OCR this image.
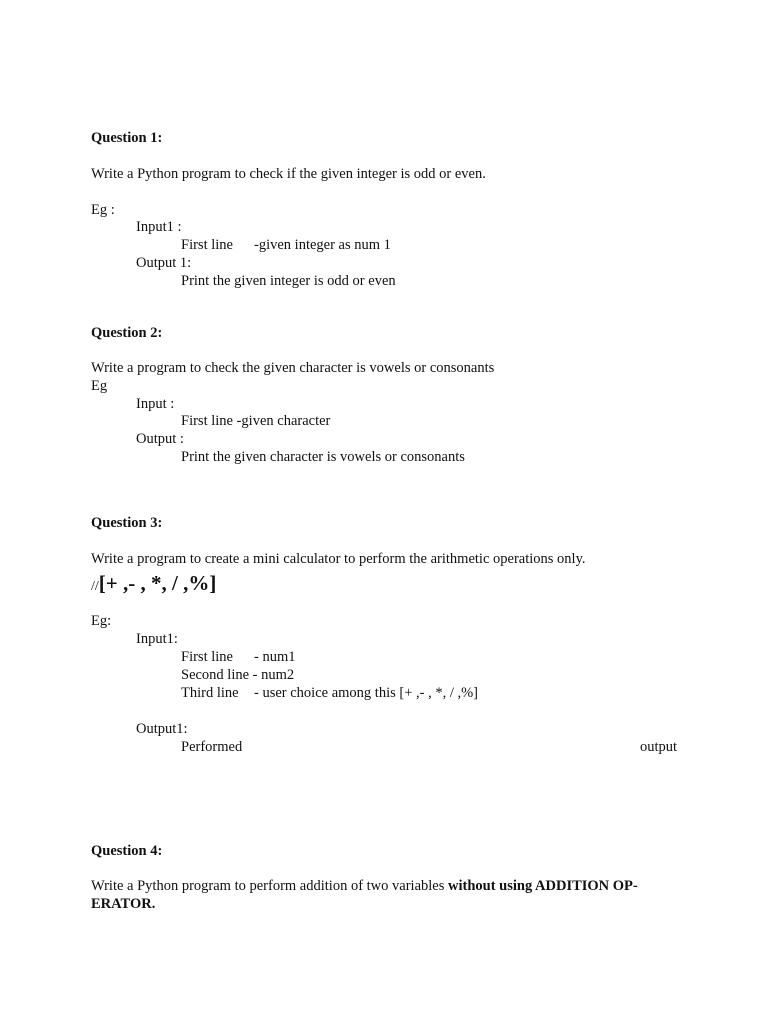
Question 1:
Write a Python program to check if the given integer is odd or even.
Eg :
Input1 :
First line -given integer as num 1
Output 1:
Print the given integer is odd or even
Question 2:
Write a program to check the given character is vowels or consonants
Eg
Input :
First line -given character
Output :
Print the given character is vowels or consonants
Question 3:
Write a program to create a mini calculator to perform the arithmetic operations only.
//[+ ,- , *, / ,%]
Eg:
Input1:
First line - num1
Second line - num2
Third line - user choice among this [+ ,- , *, / ,%]
Output1:
Performed	output
Question 4:
Write a Python program to perform addition of two variables without using ADDITION OP-
ERATOR.
